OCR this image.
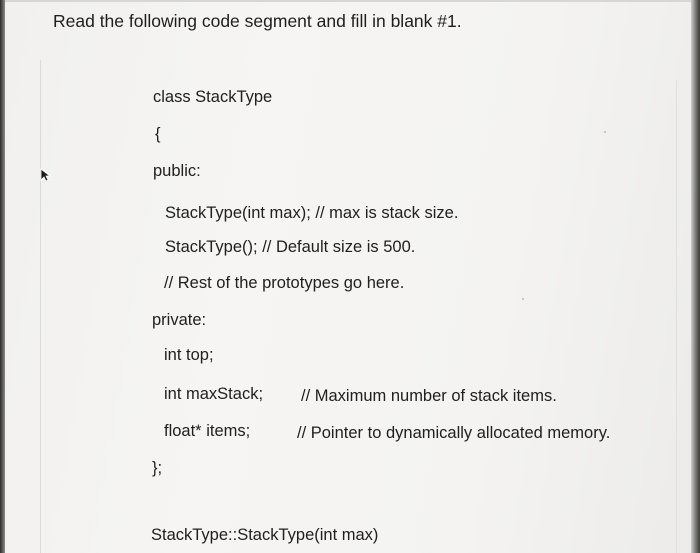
Read the following code segment and fill in blank #1.
class StackType
{
public:
StackType(int max); // max is stack size.
StackType(); // Default size is 500.
// Rest of the prototypes go here.
private:
int top;
int maxStack; // Maximum number of stack items.
float* items;	// Pointer to dynamically allocated memory.
};
StackType::StackType(int max)
